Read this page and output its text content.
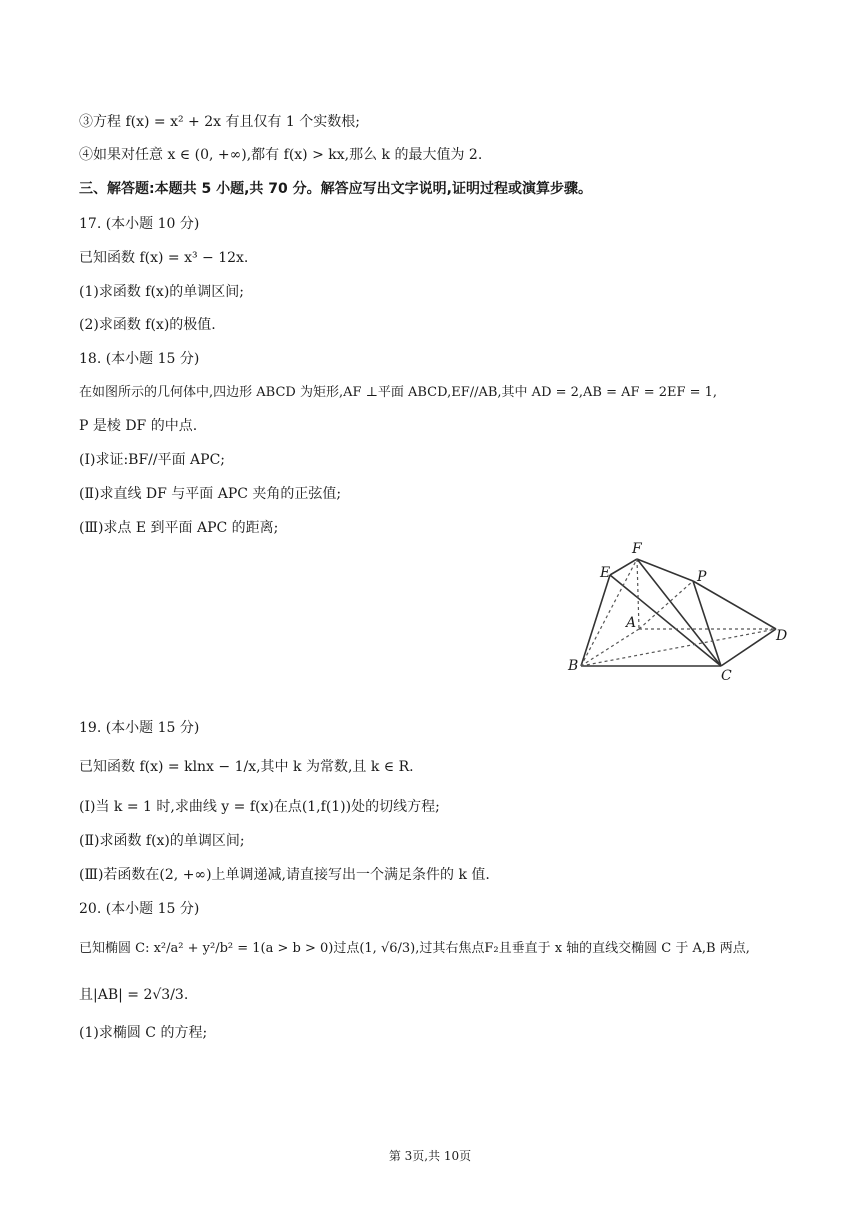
③方程 f(x) = x² + 2x 有且仅有 1 个实数根;
④如果对任意 x ∈ (0, +∞),都有 f(x) > kx,那么 k 的最大值为 2.
三、解答题:本题共 5 小题,共 70 分。解答应写出文字说明,证明过程或演算步骤。
17. (本小题 10 分)
已知函数 f(x) = x³ − 12x.
(1)求函数 f(x)的单调区间;
(2)求函数 f(x)的极值.
18. (本小题 15 分)
在如图所示的几何体中,四边形 ABCD 为矩形,AF ⊥平面 ABCD,EF//AB,其中 AD = 2,AB = AF = 2EF = 1,
P 是棱 DF 的中点.
(Ⅰ)求证:BF//平面 APC;
(Ⅱ)求直线 DF 与平面 APC 夹角的正弦值;
(Ⅲ)求点 E 到平面 APC 的距离;
F
E	P
A
D
B
C
19. (本小题 15 分)
已知函数 f(x) = klnx − 1/x,其中 k 为常数,且 k ∈ R.
(Ⅰ)当 k = 1 时,求曲线 y = f(x)在点(1,f(1))处的切线方程;
(Ⅱ)求函数 f(x)的单调区间;
(Ⅲ)若函数在(2, +∞)上单调递减,请直接写出一个满足条件的 k 值.
20. (本小题 15 分)
已知椭圆 C: x²/a² + y²/b² = 1(a > b > 0)过点(1, √6/3),过其右焦点F₂且垂直于 x 轴的直线交椭圆 C 于 A,B 两点,
且|AB| = 2√3/3.
(1)求椭圆 C 的方程;
第 3页,共 10页
